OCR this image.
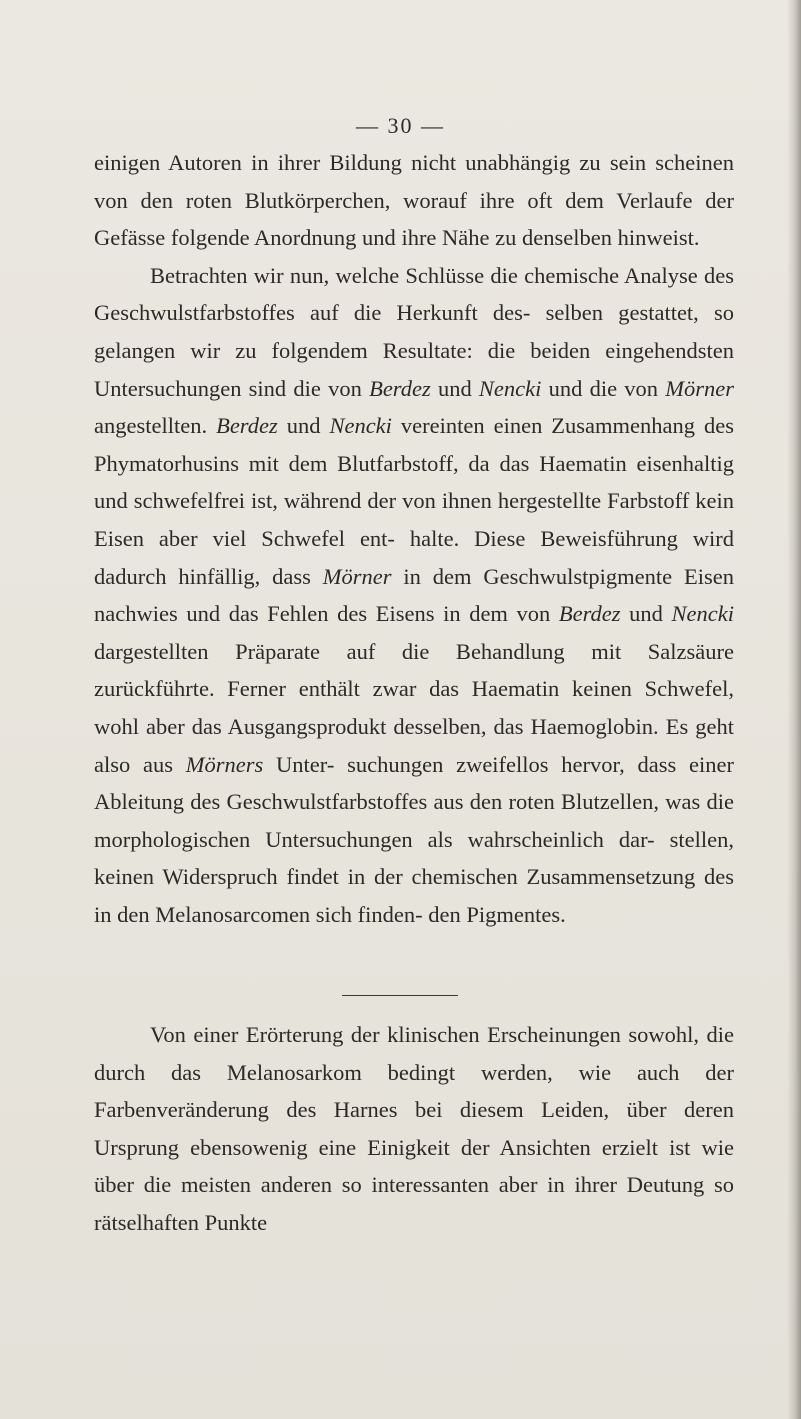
— 30 —

einigen Autoren in ihrer Bildung nicht unabhängig zu sein scheinen von den roten Blutkörperchen, worauf ihre oft dem Verlaufe der Gefässe folgende Anordnung und ihre Nähe zu denselben hinweist.

Betrachten wir nun, welche Schlüsse die chemische Analyse des Geschwulstfarbstoffes auf die Herkunft des- selben gestattet, so gelangen wir zu folgendem Resultate: die beiden eingehendsten Untersuchungen sind die von Berdez und Nencki und die von Mörner angestellten. Berdez und Nencki vereinten einen Zusammenhang des Phymatorhusins mit dem Blutfarbstoff, da das Haematin eisenhaltig und schwefelfrei ist, während der von ihnen hergestellte Farbstoff kein Eisen aber viel Schwefel ent- halte. Diese Beweisführung wird dadurch hinfällig, dass Mörner in dem Geschwulstpigmente Eisen nachwies und das Fehlen des Eisens in dem von Berdez und Nencki dargestellten Präparate auf die Behandlung mit Salzsäure zurückführte. Ferner enthält zwar das Haematin keinen Schwefel, wohl aber das Ausgangsprodukt desselben, das Haemoglobin. Es geht also aus Mörners Unter- suchungen zweifellos hervor, dass einer Ableitung des Geschwulstfarbstoffes aus den roten Blutzellen, was die morphologischen Untersuchungen als wahrscheinlich dar- stellen, keinen Widerspruch findet in der chemischen Zusammensetzung des in den Melanosarcomen sich finden- den Pigmentes.

Von einer Erörterung der klinischen Erscheinungen sowohl, die durch das Melanosarkom bedingt werden, wie auch der Farbenveränderung des Harnes bei diesem Leiden, über deren Ursprung ebensowenig eine Einigkeit der Ansichten erzielt ist wie über die meisten anderen so interessanten aber in ihrer Deutung so rätselhaften Punkte
